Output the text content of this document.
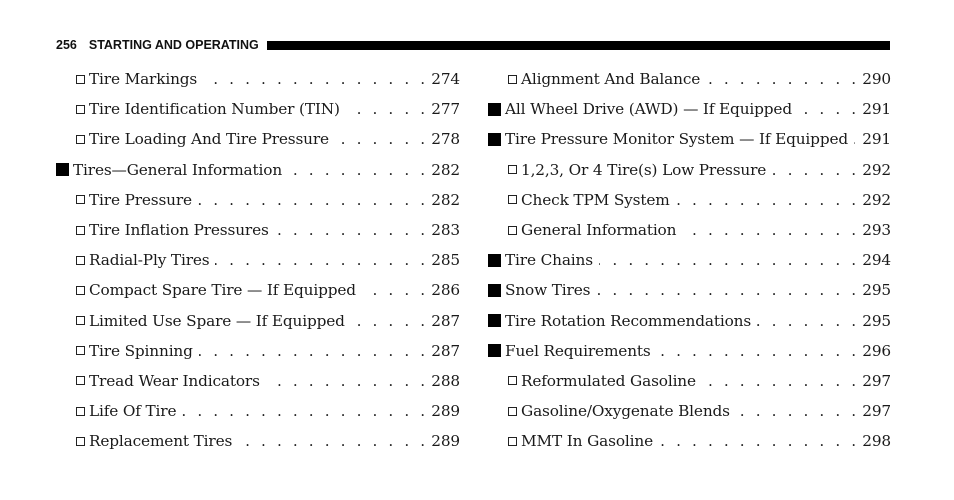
256 STARTING AND OPERATING
Tire Markings . . .	274
Tire Identification Number (TIN) . . .	277
Tire Loading And Tire Pressure . . .	278
Tires—General Information . . .	282
Tire Pressure . . .	282
Tire Inflation Pressures . . .	283
Radial-Ply Tires . . .	285
Compact Spare Tire — If Equipped . . .	286
Limited Use Spare — If Equipped . . .	287
Tire Spinning . . .	287
Tread Wear Indicators . . .	288
Life Of Tire . . .	289
Replacement Tires . . .	289
Alignment And Balance . . .	290
All Wheel Drive (AWD) — If Equipped . . .	291
Tire Pressure Monitor System — If Equipped . . . 291
1,2,3, Or 4 Tire(s) Low Pressure . . .	292
Check TPM System . . .	292
General Information . . .	293
Tire Chains . . .	294
Snow Tires . . .	295
Tire Rotation Recommendations . . .	295
Fuel Requirements . . .	296
Reformulated Gasoline . . .	297
Gasoline/Oxygenate Blends . . .	297
MMT In Gasoline . . .	298
